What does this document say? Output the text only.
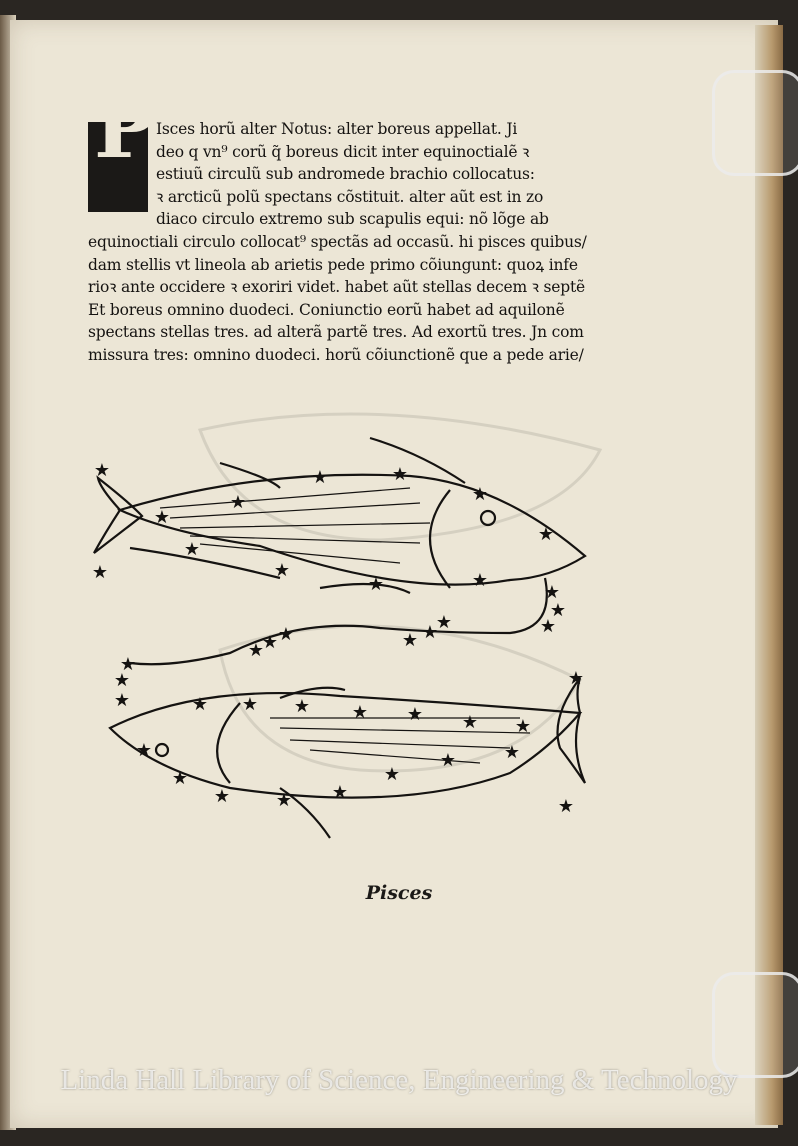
P Isces horũ alter Notus: alter boreus appellat. Ji
deo q vn⁹ corũ q̃ boreus dicit inter equinoctialẽ ꝛ
estiuũ circulũ sub andromede brachio collocatus:
ꝛ arcticũ polũ spectans cõstituit. alter aũt est in zo
diaco circulo extremo sub scapulis equi: nõ lõge ab
equinoctiali circulo collocat⁹ spectãs ad occasũ. hi pisces quibus/
dam stellis vt lineola ab arietis pede primo cõiungunt: quoꝝ infe
rioꝛ ante occidere ꝛ exoriri videt. habet aũt stellas decem ꝛ septẽ
Et boreus omnino duodeci. Coniunctio eorũ habet ad aquilonẽ
spectans stellas tres. ad alterã partẽ tres. Ad exortũ tres. Jn com
missura tres: omnino duodeci. horũ cõiunctionẽ que a pede arie/
★
★
★
★	★
★
★
★
★	★
★	★
★
★
★
★
★
★
★
★
★
★
★
★
★
★ ★ ★ ★ ★ ★ ★
★
★
★	★ ★
★
★	★
★
Pisces
Linda Hall Library of Science, Engineering & Technology
